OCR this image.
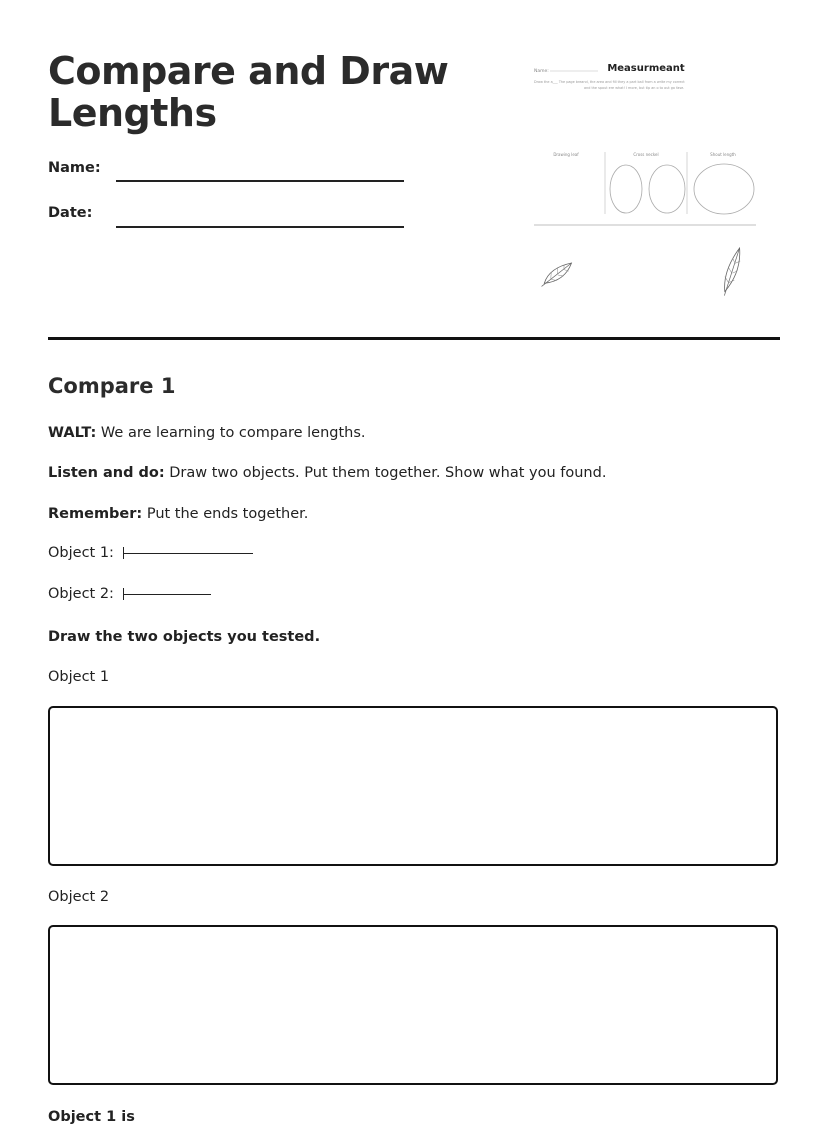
Compare and Draw Lengths
Name:
Date:
Name:	Measurmeant
Draw the a___ The page breand, the area and fill they a part ball from a write my correct
and the spout ere what! I more, but tip an o to out go fase.
Drawing leaf	Cross neckel	Shout length
Compare 1
WALT: We are learning to compare lengths.
Listen and do: Draw two objects. Put them together. Show what you found.
Remember: Put the ends together.
Object 1:
Object 2:
Draw the two objects you tested.
Object 1
Object 2
Object 1 is
